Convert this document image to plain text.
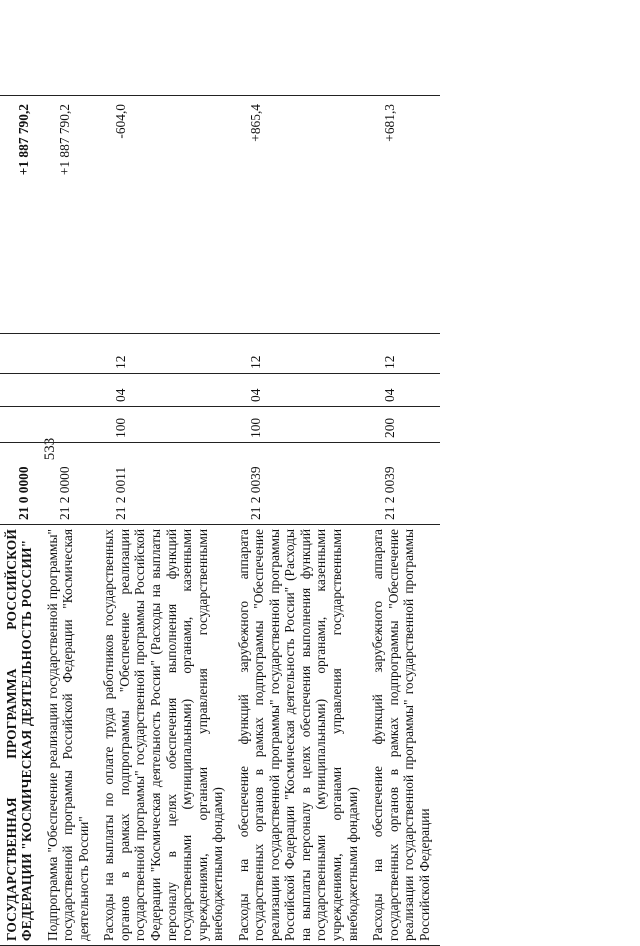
533

ГОСУДАРСТВЕННАЯ ПРОГРАММА РОССИЙСКОЙ ФЕДЕРАЦИИ "КОСМИЧЕСКАЯ ДЕЯТЕЛЬНОСТЬ РОССИИ"	21 0 0000				+1 887 790,2
Подпрограмма "Обеспечение реализации государственной программы" государственной программы Российской Федерации "Космическая деятельность России"	21 2 0000				+1 887 790,2
Расходы на выплаты по оплате труда работников государственных органов в рамках подпрограммы "Обеспечение реализации государственной программы" государственной программы Российской Федерации "Космическая деятельность России" (Расходы на выплаты персоналу в целях обеспечения выполнения функций государственными (муниципальными) органами, казенными учреждениями, органами управления государственными внебюджетными фондами)	21 2 0011	100	04	12	-604,0
Расходы на обеспечение функций зарубежного аппарата государственных органов в рамках подпрограммы "Обеспечение реализации государственной программы" государственной программы Российской Федерации "Космическая деятельность России" (Расходы на выплаты персоналу в целях обеспечения выполнения функций государственными (муниципальными) органами, казенными учреждениями, органами управления государственными внебюджетными фондами)	21 2 0039	100	04	12	+865,4
Расходы на обеспечение функций зарубежного аппарата государственных органов в рамках подпрограммы "Обеспечение реализации государственной программы" государственной программы Российской Федерации	21 2 0039	200	04	12	+681,3
